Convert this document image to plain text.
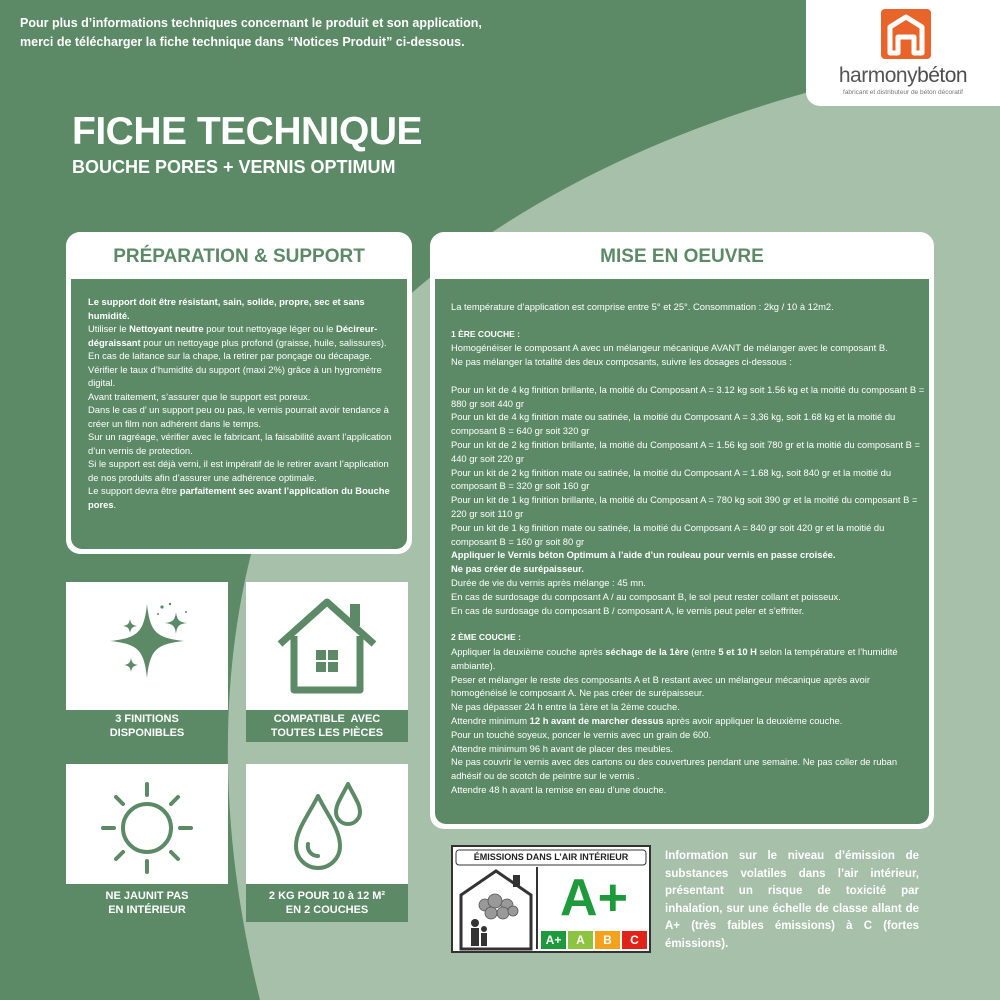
Pour plus d’informations techniques concernant le produit et son application,
merci de télécharger la fiche technique dans “Notices Produit” ci-dessous.
harmonybéton
fabricant et distributeur de béton décoratif
FICHE TECHNIQUE
BOUCHE PORES + VERNIS OPTIMUM
PRÉPARATION & SUPPORT

Le support doit être résistant, sain, solide, propre, sec et sans humidité.

Utiliser le Nettoyant neutre pour tout nettoyage léger ou le Décireur-dégraissant pour un nettoyage plus profond (graisse, huile, salissures). En cas de laitance sur la chape, la retirer par ponçage ou décapage.

Vérifier le taux d’humidité du support (maxi 2%) grâce à un hygromètre digital.

Avant traitement, s’assurer que le support est poreux.

Dans le cas d’ un support peu ou pas, le vernis pourrait avoir tendance à créer un film non adhérent dans le temps.

Sur un ragréage, vérifier avec le fabricant, la faisabilité avant l’application d’un vernis de protection.

Si le support est déjà verni, il est impératif de le retirer avant l’application de nos produits afin d’assurer une adhérence optimale.

Le support devra être parfaitement sec avant l’application du Bouche pores.

MISE EN OEUVRE

La température d’application est comprise entre 5° et 25°. Consommation : 2kg / 10 à 12m2.

1 ÈRE COUCHE :

Homogénéiser le composant A avec un mélangeur mécanique AVANT de mélanger avec le composant B.

Ne pas mélanger la totalité des deux composants, suivre les dosages ci-dessous :

Pour un kit de 4 kg finition brillante, la moitié du Composant A = 3.12 kg soit 1.56 kg et la moitié du composant B = 880 gr soit 440 gr

Pour un kit de 4 kg finition mate ou satinée, la moitié du Composant A = 3,36 kg, soit 1.68 kg et la moitié du composant B = 640 gr soit 320 gr

Pour un kit de 2 kg finition brillante, la moitié du Composant A = 1.56 kg soit 780 gr et la moitié du composant B = 440 gr soit 220 gr

Pour un kit de 2 kg finition mate ou satinée, la moitié du Composant A = 1.68 kg, soit 840 gr et la moitié du composant B = 320 gr soit 160 gr

Pour un kit de 1 kg finition brillante, la moitié du Composant A = 780 kg soit 390 gr et la moitié du composant B = 220 gr soit 110 gr

Pour un kit de 1 kg finition mate ou satinée, la moitié du Composant A = 840 gr soit 420 gr et la moitié du composant B = 160 gr soit 80 gr

Appliquer le Vernis béton Optimum à l’aide d’un rouleau pour vernis en passe croisée.

Ne pas créer de surépaisseur.

Durée de vie du vernis après mélange : 45 mn.

En cas de surdosage du composant A / au composant B, le sol peut rester collant et poisseux.

En cas de surdosage du composant B / composant A, le vernis peut peler et s’effriter.

2 ÈME COUCHE :

Appliquer la deuxième couche après séchage de la 1ère (entre 5 et 10 H selon la température et l’humidité ambiante).

Peser et mélanger le reste des composants A et B restant avec un mélangeur mécanique après avoir homogénéisé le composant A. Ne pas créer de surépaisseur.

Ne pas dépasser 24 h entre la 1ère et la 2ème couche.

Attendre minimum 12 h avant de marcher dessus après avoir appliquer la deuxième couche.

Pour un touché soyeux, poncer le vernis avec un grain de 600.

Attendre minimum 96 h avant de placer des meubles.

Ne pas couvrir le vernis avec des cartons ou des couvertures pendant une semaine. Ne pas coller de ruban adhésif ou de scotch de peintre sur le vernis .

Attendre 48 h avant la remise en eau d’une douche.

3 FINITIONS
DISPONIBLES
COMPATIBLE  AVEC
TOUTES LES PIÈCES
NE JAUNIT PAS
EN INTÉRIEUR
2 KG POUR 10 à 12 M²
EN 2 COUCHES
ÉMISSIONS DANS L’AIR INTÉRIEUR
A+
A+	A	B	C
Information sur le niveau d’émission de substances volatiles dans l’air intérieur, présentant un risque de toxicité par inhalation, sur une échelle de classe allant de A+ (très faibles émissions) à C (fortes émissions).
